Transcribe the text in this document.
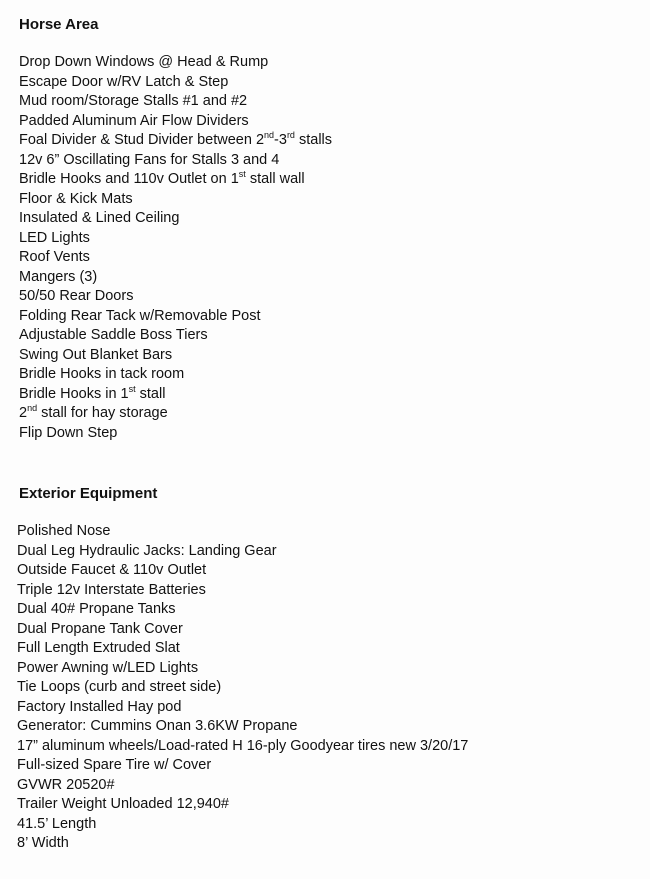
Horse Area
Drop Down Windows @ Head & Rump
Escape Door w/RV Latch & Step
Mud room/Storage Stalls #1 and #2
Padded Aluminum Air Flow Dividers
Foal Divider & Stud Divider between 2nd-3rd stalls
12v 6” Oscillating Fans for Stalls 3 and 4
Bridle Hooks and 110v Outlet on 1st stall wall
Floor & Kick Mats
Insulated & Lined Ceiling
LED Lights
Roof Vents
Mangers (3)
50/50 Rear Doors
Folding Rear Tack w/Removable Post
Adjustable Saddle Boss Tiers
Swing Out Blanket Bars
Bridle Hooks in tack room
Bridle Hooks in 1st stall
2nd stall for hay storage
Flip Down Step
Exterior Equipment
Polished Nose
Dual Leg Hydraulic Jacks: Landing Gear
Outside Faucet & 110v Outlet
Triple 12v Interstate Batteries
Dual 40# Propane Tanks
Dual Propane Tank Cover
Full Length Extruded Slat
Power Awning w/LED Lights
Tie Loops (curb and street side)
Factory Installed Hay pod
Generator: Cummins Onan 3.6KW Propane
17” aluminum wheels/Load-rated H 16-ply Goodyear tires new 3/20/17
Full-sized Spare Tire w/ Cover
GVWR 20520#
Trailer Weight Unloaded 12,940#
41.5’ Length
8’ Width
